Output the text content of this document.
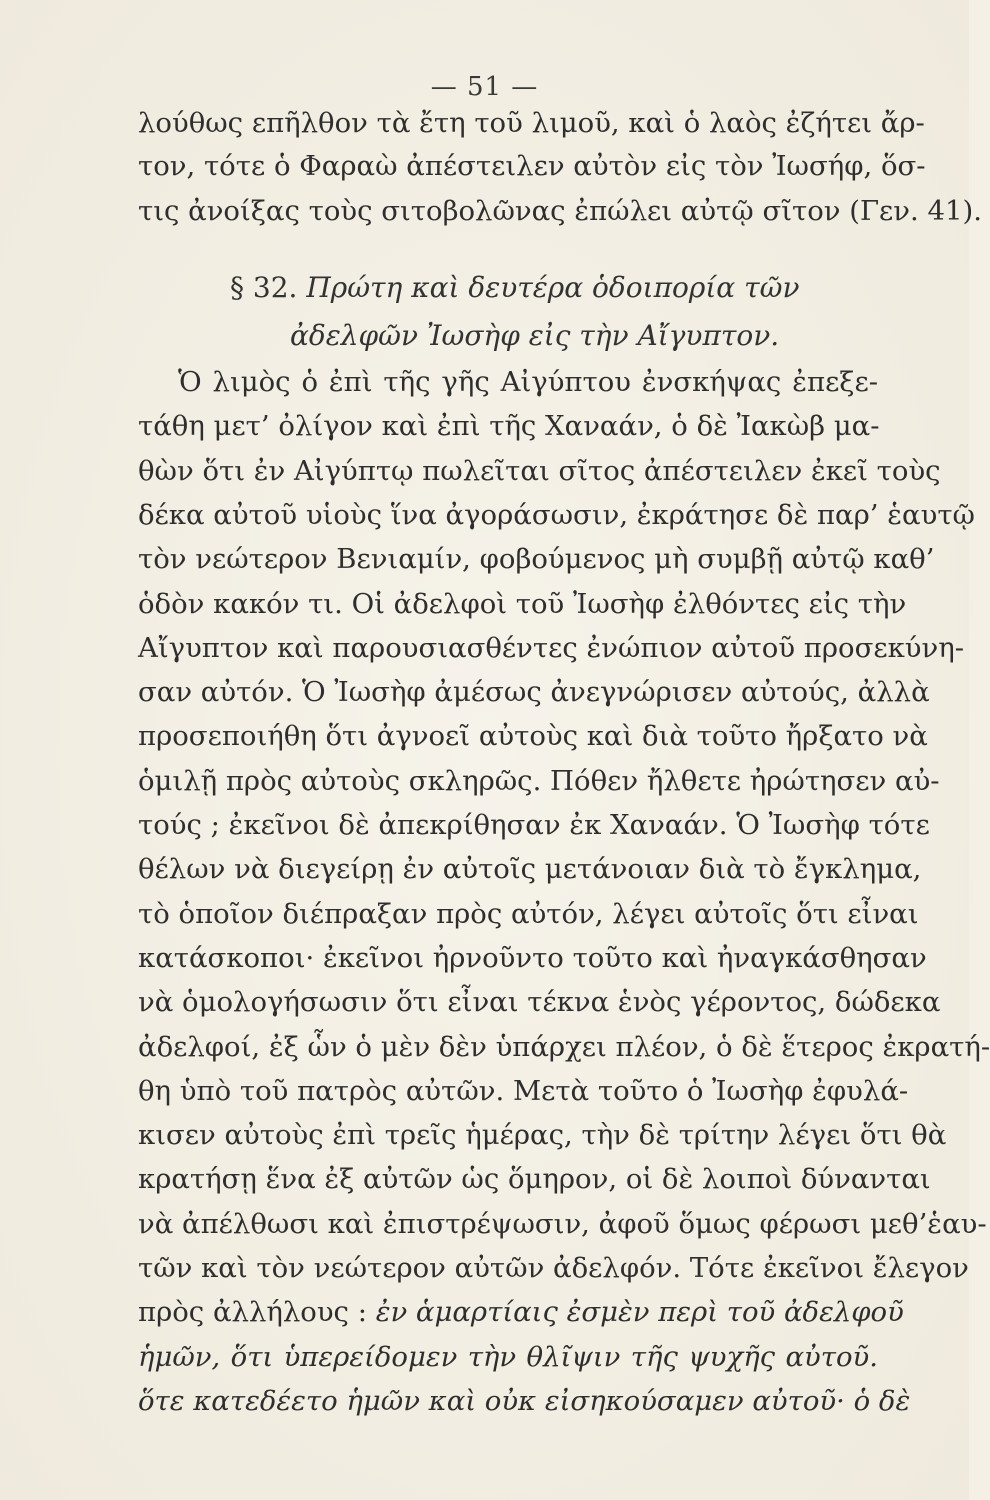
— 51 —
λούθως επῆλθον τὰ ἔτη τοῦ λιμοῦ, καὶ ὁ λαὸς ἐζήτει ἄρ-
τον, τότε ὁ Φαραὼ ἀπέστειλεν αὐτὸν εἰς τὸν Ἰωσήφ, ὅσ-
τις ἀνοίξας τοὺς σιτοβολῶνας ἐπώλει αὐτῷ σῖτον (Γεν. 41).
§ 32. Πρώτη καὶ δευτέρα ὁδοιπορία τῶν
ἀδελφῶν Ἰωσὴφ εἰς τὴν Αἴγυπτον.
Ὁ λιμὸς ὁ ἐπὶ τῆς γῆς Αἰγύπτου ἐνσκήψας ἐπεξε-
τάθη μετ’ ὀλίγον καὶ ἐπὶ τῆς Χαναάν, ὁ δὲ Ἰακὼβ μα-
θὼν ὅτι ἐν Αἰγύπτῳ πωλεῖται σῖτος ἀπέστειλεν ἐκεῖ τοὺς
δέκα αὐτοῦ υἱοὺς ἵνα ἀγοράσωσιν, ἐκράτησε δὲ παρ’ ἑαυτῷ
τὸν νεώτερον Βενιαμίν, φοβούμενος μὴ συμβῇ αὐτῷ καθ’
ὁδὸν κακόν τι. Οἱ ἀδελφοὶ τοῦ Ἰωσὴφ ἐλθόντες εἰς τὴν
Αἴγυπτον καὶ παρουσιασθέντες ἐνώπιον αὐτοῦ προσεκύνη-
σαν αὐτόν. Ὁ Ἰωσὴφ ἀμέσως ἀνεγνώρισεν αὐτούς, ἀλλὰ
προσεποιήθη ὅτι ἀγνοεῖ αὐτοὺς καὶ διὰ τοῦτο ἤρξατο νὰ
ὁμιλῇ πρὸς αὐτοὺς σκληρῶς. Πόθεν ἤλθετε ἠρώτησεν αὐ-
τούς ; ἐκεῖνοι δὲ ἀπεκρίθησαν ἐκ Χαναάν. Ὁ Ἰωσὴφ τότε
θέλων νὰ διεγείρῃ ἐν αὐτοῖς μετάνοιαν διὰ τὸ ἔγκλημα,
τὸ ὁποῖον διέπραξαν πρὸς αὐτόν, λέγει αὐτοῖς ὅτι εἶναι
κατάσκοποι· ἐκεῖνοι ἠρνοῦντο τοῦτο καὶ ἠναγκάσθησαν
νὰ ὁμολογήσωσιν ὅτι εἶναι τέκνα ἑνὸς γέροντος, δώδεκα
ἀδελφοί, ἐξ ὧν ὁ μὲν δὲν ὑπάρχει πλέον, ὁ δὲ ἕτερος ἐκρατή-
θη ὑπὸ τοῦ πατρὸς αὐτῶν. Μετὰ τοῦτο ὁ Ἰωσὴφ ἐφυλά-
κισεν αὐτοὺς ἐπὶ τρεῖς ἡμέρας, τὴν δὲ τρίτην λέγει ὅτι θὰ
κρατήσῃ ἕνα ἐξ αὐτῶν ὡς ὅμηρον, οἱ δὲ λοιποὶ δύνανται
νὰ ἀπέλθωσι καὶ ἐπιστρέψωσιν, ἀφοῦ ὅμως φέρωσι μεθ’ἑαυ-
τῶν καὶ τὸν νεώτερον αὐτῶν ἀδελφόν. Τότε ἐκεῖνοι ἔλεγον
πρὸς ἀλλήλους : ἐν ἁμαρτίαις ἐσμὲν περὶ τοῦ ἀδελφοῦ
ἡμῶν, ὅτι ὑπερείδομεν τὴν θλῖψιν τῆς ψυχῆς αὐτοῦ.
ὅτε κατεδέετο ἡμῶν καὶ οὐκ εἰσηκούσαμεν αὐτοῦ· ὁ δὲ
